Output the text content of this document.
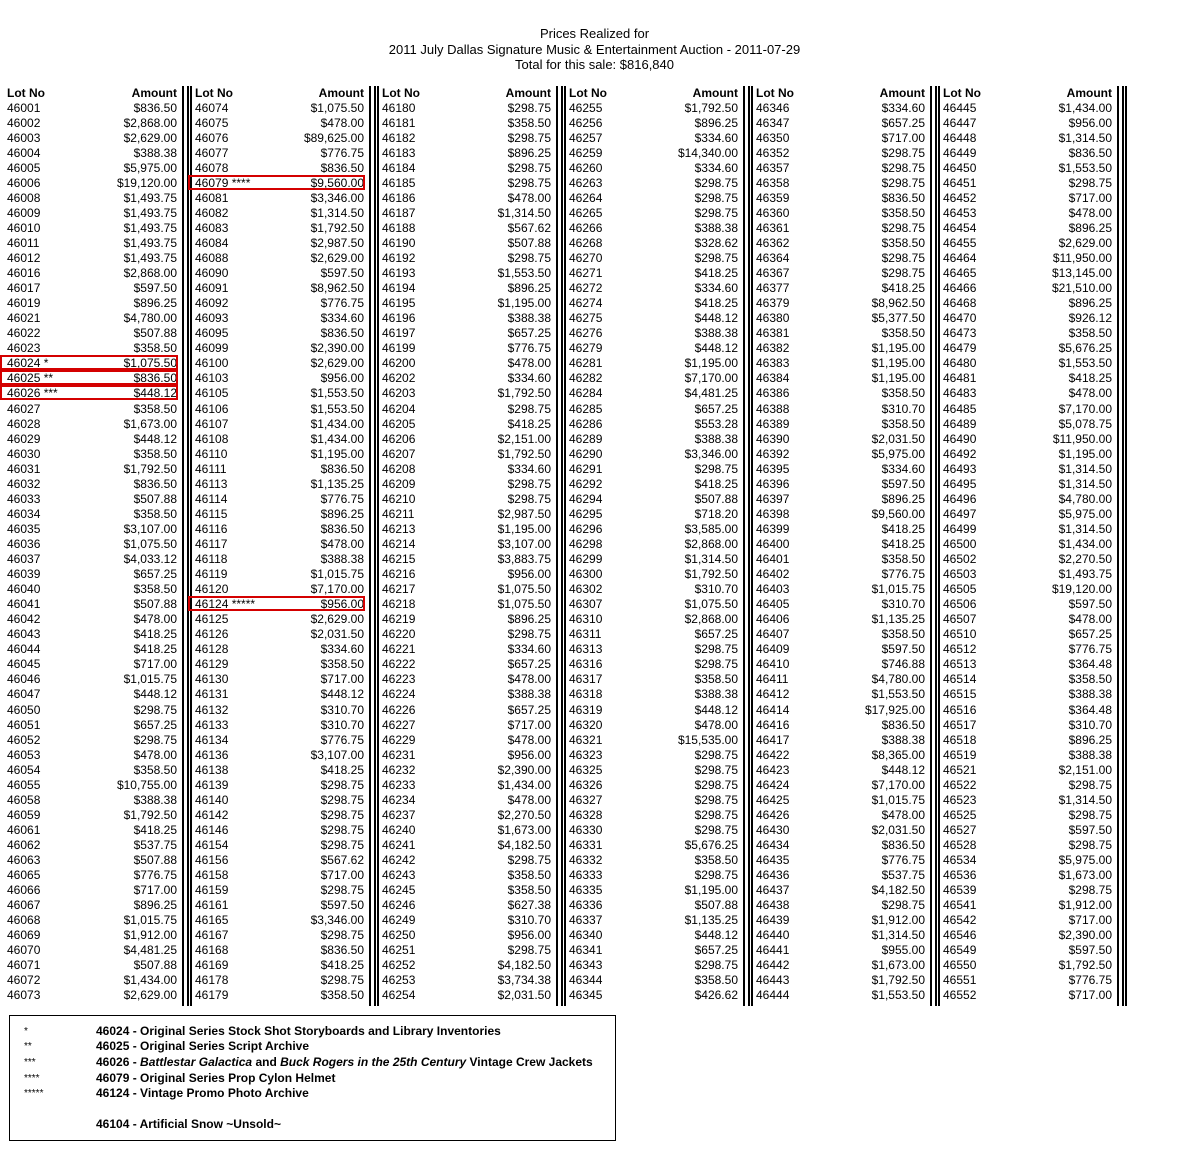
Prices Realized for
2011 July Dallas Signature Music & Entertainment Auction - 2011-07-29
Total for this sale: $816,840
Lot No	Amount
46001	$836.50
46002	$2,868.00
46003	$2,629.00
46004	$388.38
46005	$5,975.00
46006	$19,120.00
46008	$1,493.75
46009	$1,493.75
46010	$1,493.75
46011	$1,493.75
46012	$1,493.75
46016	$2,868.00
46017	$597.50
46019	$896.25
46021	$4,780.00
46022	$507.88
46023	$358.50
46024 *	$1,075.50
46025 **	$836.50
46026 ***	$448.12
46027	$358.50
46028	$1,673.00
46029	$448.12
46030	$358.50
46031	$1,792.50
46032	$836.50
46033	$507.88
46034	$358.50
46035	$3,107.00
46036	$1,075.50
46037	$4,033.12
46039	$657.25
46040	$358.50
46041	$507.88
46042	$478.00
46043	$418.25
46044	$418.25
46045	$717.00
46046	$1,015.75
46047	$448.12
46050	$298.75
46051	$657.25
46052	$298.75
46053	$478.00
46054	$358.50
46055	$10,755.00
46058	$388.38
46059	$1,792.50
46061	$418.25
46062	$537.75
46063	$507.88
46065	$776.75
46066	$717.00
46067	$896.25
46068	$1,015.75
46069	$1,912.00
46070	$4,481.25
46071	$507.88
46072	$1,434.00
46073	$2,629.00
Lot No	Amount
46074	$1,075.50
46075	$478.00
46076	$89,625.00
46077	$776.75
46078	$836.50
46079 ****	$9,560.00
46081	$3,346.00
46082	$1,314.50
46083	$1,792.50
46084	$2,987.50
46088	$2,629.00
46090	$597.50
46091	$8,962.50
46092	$776.75
46093	$334.60
46095	$836.50
46099	$2,390.00
46100	$2,629.00
46103	$956.00
46105	$1,553.50
46106	$1,553.50
46107	$1,434.00
46108	$1,434.00
46110	$1,195.00
46111	$836.50
46113	$1,135.25
46114	$776.75
46115	$896.25
46116	$836.50
46117	$478.00
46118	$388.38
46119	$1,015.75
46120	$7,170.00
46124 *****	$956.00
46125	$2,629.00
46126	$2,031.50
46128	$334.60
46129	$358.50
46130	$717.00
46131	$448.12
46132	$310.70
46133	$310.70
46134	$776.75
46136	$3,107.00
46138	$418.25
46139	$298.75
46140	$298.75
46142	$298.75
46146	$298.75
46154	$298.75
46156	$567.62
46158	$717.00
46159	$298.75
46161	$597.50
46165	$3,346.00
46167	$298.75
46168	$836.50
46169	$418.25
46178	$298.75
46179	$358.50
Lot No	Amount
46180	$298.75
46181	$358.50
46182	$298.75
46183	$896.25
46184	$298.75
46185	$298.75
46186	$478.00
46187	$1,314.50
46188	$567.62
46190	$507.88
46192	$298.75
46193	$1,553.50
46194	$896.25
46195	$1,195.00
46196	$388.38
46197	$657.25
46199	$776.75
46200	$478.00
46202	$334.60
46203	$1,792.50
46204	$298.75
46205	$418.25
46206	$2,151.00
46207	$1,792.50
46208	$334.60
46209	$298.75
46210	$298.75
46211	$2,987.50
46213	$1,195.00
46214	$3,107.00
46215	$3,883.75
46216	$956.00
46217	$1,075.50
46218	$1,075.50
46219	$896.25
46220	$298.75
46221	$334.60
46222	$657.25
46223	$478.00
46224	$388.38
46226	$657.25
46227	$717.00
46229	$478.00
46231	$956.00
46232	$2,390.00
46233	$1,434.00
46234	$478.00
46237	$2,270.50
46240	$1,673.00
46241	$4,182.50
46242	$298.75
46243	$358.50
46245	$358.50
46246	$627.38
46249	$310.70
46250	$956.00
46251	$298.75
46252	$4,182.50
46253	$3,734.38
46254	$2,031.50
Lot No	Amount
46255	$1,792.50
46256	$896.25
46257	$334.60
46259	$14,340.00
46260	$334.60
46263	$298.75
46264	$298.75
46265	$298.75
46266	$388.38
46268	$328.62
46270	$298.75
46271	$418.25
46272	$334.60
46274	$418.25
46275	$448.12
46276	$388.38
46279	$448.12
46281	$1,195.00
46282	$7,170.00
46284	$4,481.25
46285	$657.25
46286	$553.28
46289	$388.38
46290	$3,346.00
46291	$298.75
46292	$418.25
46294	$507.88
46295	$718.20
46296	$3,585.00
46298	$2,868.00
46299	$1,314.50
46300	$1,792.50
46302	$310.70
46307	$1,075.50
46310	$2,868.00
46311	$657.25
46313	$298.75
46316	$298.75
46317	$358.50
46318	$388.38
46319	$448.12
46320	$478.00
46321	$15,535.00
46323	$298.75
46325	$298.75
46326	$298.75
46327	$298.75
46328	$298.75
46330	$298.75
46331	$5,676.25
46332	$358.50
46333	$298.75
46335	$1,195.00
46336	$507.88
46337	$1,135.25
46340	$448.12
46341	$657.25
46343	$298.75
46344	$358.50
46345	$426.62
Lot No	Amount
46346	$334.60
46347	$657.25
46350	$717.00
46352	$298.75
46357	$298.75
46358	$298.75
46359	$836.50
46360	$358.50
46361	$298.75
46362	$358.50
46364	$298.75
46367	$298.75
46377	$418.25
46379	$8,962.50
46380	$5,377.50
46381	$358.50
46382	$1,195.00
46383	$1,195.00
46384	$1,195.00
46386	$358.50
46388	$310.70
46389	$358.50
46390	$2,031.50
46392	$5,975.00
46395	$334.60
46396	$597.50
46397	$896.25
46398	$9,560.00
46399	$418.25
46400	$418.25
46401	$358.50
46402	$776.75
46403	$1,015.75
46405	$310.70
46406	$1,135.25
46407	$358.50
46409	$597.50
46410	$746.88
46411	$4,780.00
46412	$1,553.50
46414	$17,925.00
46416	$836.50
46417	$388.38
46422	$8,365.00
46423	$448.12
46424	$7,170.00
46425	$1,015.75
46426	$478.00
46430	$2,031.50
46434	$836.50
46435	$776.75
46436	$537.75
46437	$4,182.50
46438	$298.75
46439	$1,912.00
46440	$1,314.50
46441	$955.00
46442	$1,673.00
46443	$1,792.50
46444	$1,553.50
Lot No	Amount
46445	$1,434.00
46447	$956.00
46448	$1,314.50
46449	$836.50
46450	$1,553.50
46451	$298.75
46452	$717.00
46453	$478.00
46454	$896.25
46455	$2,629.00
46464	$11,950.00
46465	$13,145.00
46466	$21,510.00
46468	$896.25
46470	$926.12
46473	$358.50
46479	$5,676.25
46480	$1,553.50
46481	$418.25
46483	$478.00
46485	$7,170.00
46489	$5,078.75
46490	$11,950.00
46492	$1,195.00
46493	$1,314.50
46495	$1,314.50
46496	$4,780.00
46497	$5,975.00
46499	$1,314.50
46500	$1,434.00
46502	$2,270.50
46503	$1,493.75
46505	$19,120.00
46506	$597.50
46507	$478.00
46510	$657.25
46512	$776.75
46513	$364.48
46514	$358.50
46515	$388.38
46516	$364.48
46517	$310.70
46518	$896.25
46519	$388.38
46521	$2,151.00
46522	$298.75
46523	$1,314.50
46525	$298.75
46527	$597.50
46528	$298.75
46534	$5,975.00
46536	$1,673.00
46539	$298.75
46541	$1,912.00
46542	$717.00
46546	$2,390.00
46549	$597.50
46550	$1,792.50
46551	$776.75
46552	$717.00
*	46024 - Original Series Stock Shot Storyboards and Library Inventories
**	46025 - Original Series Script Archive
***	46026 - Battlestar Galactica and Buck Rogers in the 25th Century Vintage Crew Jackets
****	46079 - Original Series Prop Cylon Helmet
*****	46124 - Vintage Promo Photo Archive
46104 - Artificial Snow ~Unsold~
